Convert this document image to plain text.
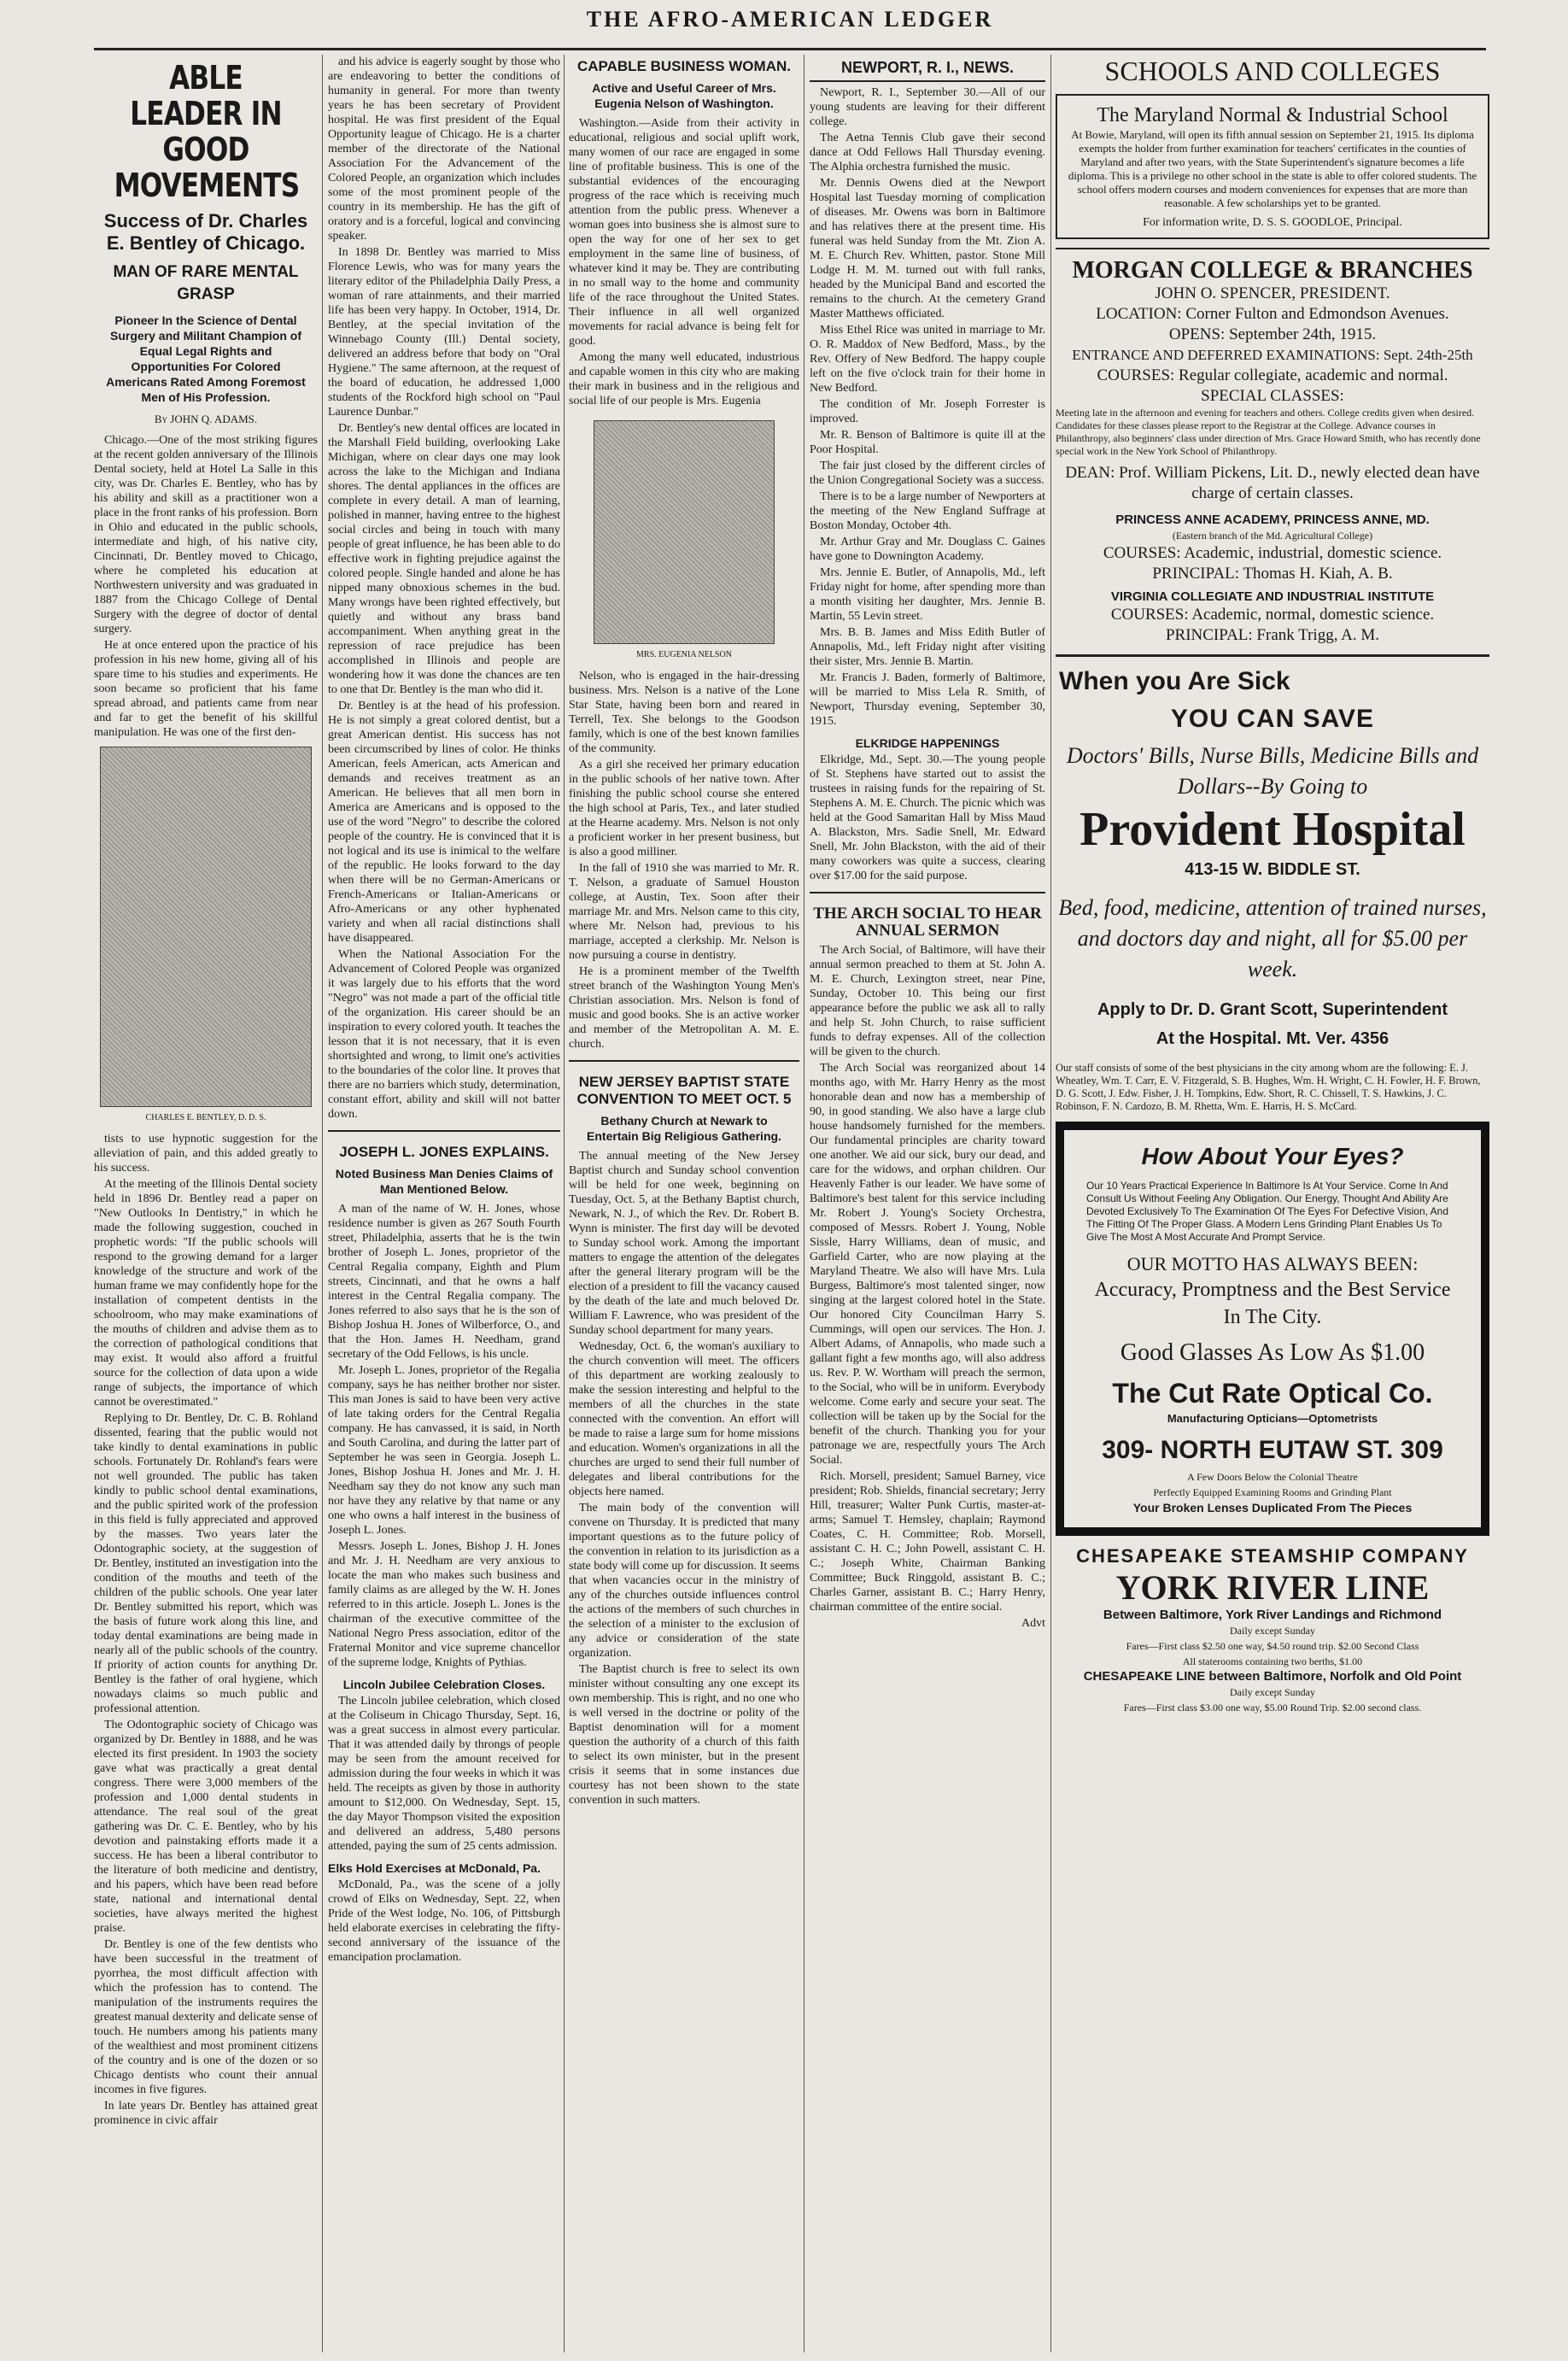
THE AFRO-AMERICAN LEDGER
ABLE LEADER IN GOOD MOVEMENTS
Success of Dr. Charles E. Bentley of Chicago.
MAN OF RARE MENTAL GRASP
Pioneer In the Science of Dental Surgery and Militant Champion of Equal Legal Rights and Opportunities For Colored Americans Rated Among Foremost Men of His Profession.
By JOHN Q. ADAMS.

Chicago.—One of the most striking figures at the recent golden anniversary of the Illinois Dental society, held at Hotel La Salle in this city, was Dr. Charles E. Bentley, who has by his ability and skill as a practitioner won a place in the front ranks of his profession. Born in Ohio and educated in the public schools, intermediate and high, of his native city, Cincinnati, Dr. Bentley moved to Chicago, where he completed his education at Northwestern university and was graduated in 1887 from the Chicago College of Dental Surgery with the degree of doctor of dental surgery.

He at once entered upon the practice of his profession in his new home, giving all of his spare time to his studies and experiments. He soon became so proficient that his fame spread abroad, and patients came from near and far to get the benefit of his skillful manipulation. He was one of the first den-

CHARLES E. BENTLEY, D. D. S.

tists to use hypnotic suggestion for the alleviation of pain, and this added greatly to his success.

At the meeting of the Illinois Dental society held in 1896 Dr. Bentley read a paper on "New Outlooks In Dentistry," in which he made the following suggestion, couched in prophetic words: "If the public schools will respond to the growing demand for a larger knowledge of the structure and work of the human frame we may confidently hope for the installation of competent dentists in the schoolroom, who may make examinations of the mouths of children and advise them as to the correction of pathological conditions that may exist. It would also afford a fruitful source for the collection of data upon a wide range of subjects, the importance of which cannot be overestimated."

Replying to Dr. Bentley, Dr. C. B. Rohland dissented, fearing that the public would not take kindly to dental examinations in public schools. Fortunately Dr. Rohland's fears were not well grounded. The public has taken kindly to public school dental examinations, and the public spirited work of the profession in this field is fully appreciated and approved by the masses. Two years later the Odontographic society, at the suggestion of Dr. Bentley, instituted an investigation into the condition of the mouths and teeth of the children of the public schools. One year later Dr. Bentley submitted his report, which was the basis of future work along this line, and today dental examinations are being made in nearly all of the public schools of the country. If priority of action counts for anything Dr. Bentley is the father of oral hygiene, which nowadays claims so much public and professional attention.

The Odontographic society of Chicago was organized by Dr. Bentley in 1888, and he was elected its first president. In 1903 the society gave what was practically a great dental congress. There were 3,000 members of the profession and 1,000 dental students in attendance. The real soul of the great gathering was Dr. C. E. Bentley, who by his devotion and painstaking efforts made it a success. He has been a liberal contributor to the literature of both medicine and dentistry, and his papers, which have been read before state, national and international dental societies, have always merited the highest praise.

Dr. Bentley is one of the few dentists who have been successful in the treatment of pyorrhea, the most difficult affection with which the profession has to contend. The manipulation of the instruments requires the greatest manual dexterity and delicate sense of touch. He numbers among his patients many of the wealthiest and most prominent citizens of the country and is one of the dozen or so Chicago dentists who count their annual incomes in five figures.

In late years Dr. Bentley has attained great prominence in civic affair

and his advice is eagerly sought by those who are endeavoring to better the conditions of humanity in general. For more than twenty years he has been secretary of Provident hospital. He was first president of the Equal Opportunity league of Chicago. He is a charter member of the directorate of the National Association For the Advancement of the Colored People, an organization which includes some of the most prominent people of the country in its membership. He has the gift of oratory and is a forceful, logical and convincing speaker.

In 1898 Dr. Bentley was married to Miss Florence Lewis, who was for many years the literary editor of the Philadelphia Daily Press, a woman of rare attainments, and their married life has been very happy. In October, 1914, Dr. Bentley, at the special invitation of the Winnebago County (Ill.) Dental society, delivered an address before that body on "Oral Hygiene." The same afternoon, at the request of the board of education, he addressed 1,000 students of the Rockford high school on "Paul Laurence Dunbar."

Dr. Bentley's new dental offices are located in the Marshall Field building, overlooking Lake Michigan, where on clear days one may look across the lake to the Michigan and Indiana shores. The dental appliances in the offices are complete in every detail. A man of learning, polished in manner, having entree to the highest social circles and being in touch with many people of great influence, he has been able to do effective work in fighting prejudice against the colored people. Single handed and alone he has nipped many obnoxious schemes in the bud. Many wrongs have been righted effectively, but quietly and without any brass band accompaniment. When anything great in the repression of race prejudice has been accomplished in Illinois and people are wondering how it was done the chances are ten to one that Dr. Bentley is the man who did it.

Dr. Bentley is at the head of his profession. He is not simply a great colored dentist, but a great American dentist. His success has not been circumscribed by lines of color. He thinks American, feels American, acts American and demands and receives treatment as an American. He believes that all men born in America are Americans and is opposed to the use of the word "Negro" to describe the colored people of the country. He is convinced that it is not logical and its use is inimical to the welfare of the republic. He looks forward to the day when there will be no German-Americans or French-Americans or Italian-Americans or Afro-Americans or any other hyphenated variety and when all racial distinctions shall have disappeared.

When the National Association For the Advancement of Colored People was organized it was largely due to his efforts that the word "Negro" was not made a part of the official title of the organization. His career should be an inspiration to every colored youth. It teaches the lesson that it is not necessary, that it is even shortsighted and wrong, to limit one's activities to the boundaries of the color line. It proves that there are no barriers which study, determination, constant effort, ability and skill will not batter down.

JOSEPH L. JONES EXPLAINS.
Noted Business Man Denies Claims of Man Mentioned Below.

A man of the name of W. H. Jones, whose residence number is given as 267 South Fourth street, Philadelphia, asserts that he is the twin brother of Joseph L. Jones, proprietor of the Central Regalia company, Eighth and Plum streets, Cincinnati, and that he owns a half interest in the Central Regalia company. The Jones referred to also says that he is the son of Bishop Joshua H. Jones of Wilberforce, O., and that the Hon. James H. Needham, grand secretary of the Odd Fellows, is his uncle.

Mr. Joseph L. Jones, proprietor of the Regalia company, says he has neither brother nor sister. This man Jones is said to have been very active of late taking orders for the Central Regalia company. He has canvassed, it is said, in North and South Carolina, and during the latter part of September he was seen in Georgia. Joseph L. Jones, Bishop Joshua H. Jones and Mr. J. H. Needham say they do not know any such man nor have they any relative by that name or any one who owns a half interest in the business of Joseph L. Jones.

Messrs. Joseph L. Jones, Bishop J. H. Jones and Mr. J. H. Needham are very anxious to locate the man who makes such business and family claims as are alleged by the W. H. Jones referred to in this article. Joseph L. Jones is the chairman of the executive committee of the National Negro Press association, editor of the Fraternal Monitor and vice supreme chancellor of the supreme lodge, Knights of Pythias.

Lincoln Jubilee Celebration Closes.

The Lincoln jubilee celebration, which closed at the Coliseum in Chicago Thursday, Sept. 16, was a great success in almost every particular. That it was attended daily by throngs of people may be seen from the amount received for admission during the four weeks in which it was held. The receipts as given by those in authority amount to $12,000. On Wednesday, Sept. 15, the day Mayor Thompson visited the exposition and delivered an address, 5,480 persons attended, paying the sum of 25 cents admission.

Elks Hold Exercises at McDonald, Pa.

McDonald, Pa., was the scene of a jolly crowd of Elks on Wednesday, Sept. 22, when Pride of the West lodge, No. 106, of Pittsburgh held elaborate exercises in celebrating the fifty-second anniversary of the issuance of the emancipation proclamation.

CAPABLE BUSINESS WOMAN.
Active and Useful Career of Mrs. Eugenia Nelson of Washington.

Washington.—Aside from their activity in educational, religious and social uplift work, many women of our race are engaged in some line of profitable business. This is one of the substantial evidences of the encouraging progress of the race which is receiving much attention from the public press. Whenever a woman goes into business she is almost sure to open the way for one of her sex to get employment in the same line of business, of whatever kind it may be. They are contributing in no small way to the home and community life of the race throughout the United States. Their influence in all well organized movements for racial advance is being felt for good.

Among the many well educated, industrious and capable women in this city who are making their mark in business and in the religious and social life of our people is Mrs. Eugenia

MRS. EUGENIA NELSON

Nelson, who is engaged in the hair-dressing business. Mrs. Nelson is a native of the Lone Star State, having been born and reared in Terrell, Tex. She belongs to the Goodson family, which is one of the best known families of the community.

As a girl she received her primary education in the public schools of her native town. After finishing the public school course she entered the high school at Paris, Tex., and later studied at the Hearne academy. Mrs. Nelson is not only a proficient worker in her present business, but is also a good milliner.

In the fall of 1910 she was married to Mr. R. T. Nelson, a graduate of Samuel Houston college, at Austin, Tex. Soon after their marriage Mr. and Mrs. Nelson came to this city, where Mr. Nelson had, previous to his marriage, accepted a clerkship. Mr. Nelson is now pursuing a course in dentistry.

He is a prominent member of the Twelfth street branch of the Washington Young Men's Christian association. Mrs. Nelson is fond of music and good books. She is an active worker and member of the Metropolitan A. M. E. church.

NEW JERSEY BAPTIST STATE CONVENTION TO MEET OCT. 5
Bethany Church at Newark to Entertain Big Religious Gathering.

The annual meeting of the New Jersey Baptist church and Sunday school convention will be held for one week, beginning on Tuesday, Oct. 5, at the Bethany Baptist church, Newark, N. J., of which the Rev. Dr. Robert B. Wynn is minister. The first day will be devoted to Sunday school work. Among the important matters to engage the attention of the delegates after the general literary program will be the election of a president to fill the vacancy caused by the death of the late and much beloved Dr. William F. Lawrence, who was president of the Sunday school department for many years.

Wednesday, Oct. 6, the woman's auxiliary to the church convention will meet. The officers of this department are working zealously to make the session interesting and helpful to the members of all the churches in the state connected with the convention. An effort will be made to raise a large sum for home missions and education. Women's organizations in all the churches are urged to send their full number of delegates and liberal contributions for the objects here named.

The main body of the convention will convene on Thursday. It is predicted that many important questions as to the future policy of the convention in relation to its jurisdiction as a state body will come up for discussion. It seems that when vacancies occur in the ministry of any of the churches outside influences control the actions of the members of such churches in the selection of a minister to the exclusion of any advice or consideration of the state organization.

The Baptist church is free to select its own minister without consulting any one except its own membership. This is right, and no one who is well versed in the doctrine or polity of the Baptist denomination will for a moment question the authority of a church of this faith to select its own minister, but in the present crisis it seems that in some instances due courtesy has not been shown to the state convention in such matters.

NEWPORT, R. I., NEWS.

Newport, R. I., September 30.—All of our young students are leaving for their different college.

The Aetna Tennis Club gave their second dance at Odd Fellows Hall Thursday evening. The Alphia orchestra furnished the music.

Mr. Dennis Owens died at the Newport Hospital last Tuesday morning of complication of diseases. Mr. Owens was born in Baltimore and has relatives there at the present time. His funeral was held Sunday from the Mt. Zion A. M. E. Church Rev. Whitten, pastor. Stone Mill Lodge H. M. M. turned out with full ranks, headed by the Municipal Band and escorted the remains to the church. At the cemetery Grand Master Matthews officiated.

Miss Ethel Rice was united in marriage to Mr. O. R. Maddox of New Bedford, Mass., by the Rev. Offery of New Bedford. The happy couple left on the five o'clock train for their home in New Bedford.

The condition of Mr. Joseph Forrester is improved.

Mr. R. Benson of Baltimore is quite ill at the Poor Hospital.

The fair just closed by the different circles of the Union Congregational Society was a success.

There is to be a large number of Newporters at the meeting of the New England Suffrage at Boston Monday, October 4th.

Mr. Arthur Gray and Mr. Douglass C. Gaines have gone to Downington Academy.

Mrs. Jennie E. Butler, of Annapolis, Md., left Friday night for home, after spending more than a month visiting her daughter, Mrs. Jennie B. Martin, 55 Levin street.

Mrs. B. B. James and Miss Edith Butler of Annapolis, Md., left Friday night after visiting their sister, Mrs. Jennie B. Martin.

Mr. Francis J. Baden, formerly of Baltimore, will be married to Miss Lela R. Smith, of Newport, Thursday evening, September 30, 1915.

ELKRIDGE HAPPENINGS

Elkridge, Md., Sept. 30.—The young people of St. Stephens have started out to assist the trustees in raising funds for the repairing of St. Stephens A. M. E. Church. The picnic which was held at the Good Samaritan Hall by Miss Maud A. Blackston, Mrs. Sadie Snell, Mr. Edward Snell, Mr. John Blackston, with the aid of their many coworkers was quite a success, clearing over $17.00 for the said purpose.

THE ARCH SOCIAL TO HEAR ANNUAL SERMON

The Arch Social, of Baltimore, will have their annual sermon preached to them at St. John A. M. E. Church, Lexington street, near Pine, Sunday, October 10. This being our first appearance before the public we ask all to rally and help St. John Church, to raise sufficient funds to defray expenses. All of the collection will be given to the church.

The Arch Social was reorganized about 14 months ago, with Mr. Harry Henry as the most honorable dean and now has a membership of 90, in good standing. We also have a large club house handsomely furnished for the members. Our fundamental principles are charity toward one another. We aid our sick, bury our dead, and care for the widows, and orphan children. Our Heavenly Father is our leader. We have some of Baltimore's best talent for this service including Mr. Robert J. Young's Society Orchestra, composed of Messrs. Robert J. Young, Noble Sissle, Harry Williams, dean of music, and Garfield Carter, who are now playing at the Maryland Theatre. We also will have Mrs. Lula Burgess, Baltimore's most talented singer, now singing at the largest colored hotel in the State. Our honored City Councilman Harry S. Cummings, will open our services. The Hon. J. Albert Adams, of Annapolis, who made such a gallant fight a few months ago, will also address us. Rev. P. W. Wortham will preach the sermon, to the Social, who will be in uniform. Everybody welcome. Come early and secure your seat. The collection will be taken up by the Social for the benefit of the church. Thanking you for your patronage we are, respectfully yours The Arch Social.

Rich. Morsell, president; Samuel Barney, vice president; Rob. Shields, financial secretary; Jerry Hill, treasurer; Walter Punk Curtis, master-at-arms; Samuel T. Hemsley, chaplain; Raymond Coates, C. H. Committee; Rob. Morsell, assistant C. H. C.; John Powell, assistant C. H. C.; Joseph White, Chairman Banking Committee; Buck Ringgold, assistant B. C.; Charles Garner, assistant B. C.; Harry Henry, chairman committee of the entire social.

Advt
SCHOOLS AND COLLEGES
The Maryland Normal & Industrial School
At Bowie, Maryland, will open its fifth annual session on September 21, 1915. Its diploma exempts the holder from further examination for teachers' certificates in the counties of Maryland and after two years, with the State Superintendent's signature becomes a life diploma. This is a privilege no other school in the state is able to offer colored students. The school offers modern courses and modern conveniences for expenses that are more than reasonable. A few scholarships yet to be granted.
For information write, D. S. S. GOODLOE, Principal.
MORGAN COLLEGE & BRANCHES
JOHN O. SPENCER, PRESIDENT.
LOCATION: Corner Fulton and Edmondson Avenues.
OPENS: September 24th, 1915.
ENTRANCE AND DEFERRED EXAMINATIONS: Sept. 24th-25th
COURSES: Regular collegiate, academic and normal.
SPECIAL CLASSES:
Meeting late in the afternoon and evening for teachers and others. College credits given when desired. Candidates for these classes please report to the Registrar at the College. Advance courses in Philanthropy, also beginners' class under direction of Mrs. Grace Howard Smith, who has recently done special work in the New York School of Philanthropy.
DEAN: Prof. William Pickens, Lit. D., newly elected dean have charge of certain classes.
PRINCESS ANNE ACADEMY, PRINCESS ANNE, MD.
(Eastern branch of the Md. Agricultural College)
COURSES: Academic, industrial, domestic science.
PRINCIPAL: Thomas H. Kiah, A. B.
VIRGINIA COLLEGIATE AND INDUSTRIAL INSTITUTE
COURSES: Academic, normal, domestic science.
PRINCIPAL: Frank Trigg, A. M.
When you Are Sick
YOU CAN SAVE
Doctors' Bills, Nurse Bills, Medicine Bills and Dollars--By Going to
Provident Hospital
413-15 W. BIDDLE ST.
Bed, food, medicine, attention of trained nurses, and doctors day and night, all for $5.00 per week.
Apply to Dr. D. Grant Scott, Superintendent
At the Hospital. Mt. Ver. 4356
Our staff consists of some of the best physicians in the city among whom are the following: E. J. Wheatley, Wm. T. Carr, E. V. Fitzgerald, S. B. Hughes, Wm. H. Wright, C. H. Fowler, H. F. Brown, D. G. Scott, J. Edw. Fisher, J. H. Tompkins, Edw. Short, R. C. Chissell, T. S. Hawkins, J. C. Robinson, F. N. Cardozo, B. M. Rhetta, Wm. E. Harris, H. S. McCard.
How About Your Eyes?
Our 10 Years Practical Experience In Baltimore Is At Your Service. Come In And Consult Us Without Feeling Any Obligation. Our Energy, Thought And Ability Are Devoted Exclusively To The Examination Of The Eyes For Defective Vision, And The Fitting Of The Proper Glass. A Modern Lens Grinding Plant Enables Us To Give The Most A Most Accurate And Prompt Service.
OUR MOTTO HAS ALWAYS BEEN:
Accuracy, Promptness and the Best Service In The City.
Good Glasses As Low As $1.00
The Cut Rate Optical Co.
Manufacturing Opticians—Optometrists
309- NORTH EUTAW ST. 309
A Few Doors Below the Colonial Theatre
Perfectly Equipped Examining Rooms and Grinding Plant
Your Broken Lenses Duplicated From The Pieces
CHESAPEAKE STEAMSHIP COMPANY
YORK RIVER LINE
Between Baltimore, York River Landings and Richmond
Daily except Sunday
Fares—First class $2.50 one way, $4.50 round trip. $2.00 Second Class
All staterooms containing two berths, $1.00
CHESAPEAKE LINE between Baltimore, Norfolk and Old Point
Daily except Sunday
Fares—First class $3.00 one way, $5.00 Round Trip. $2.00 second class.
